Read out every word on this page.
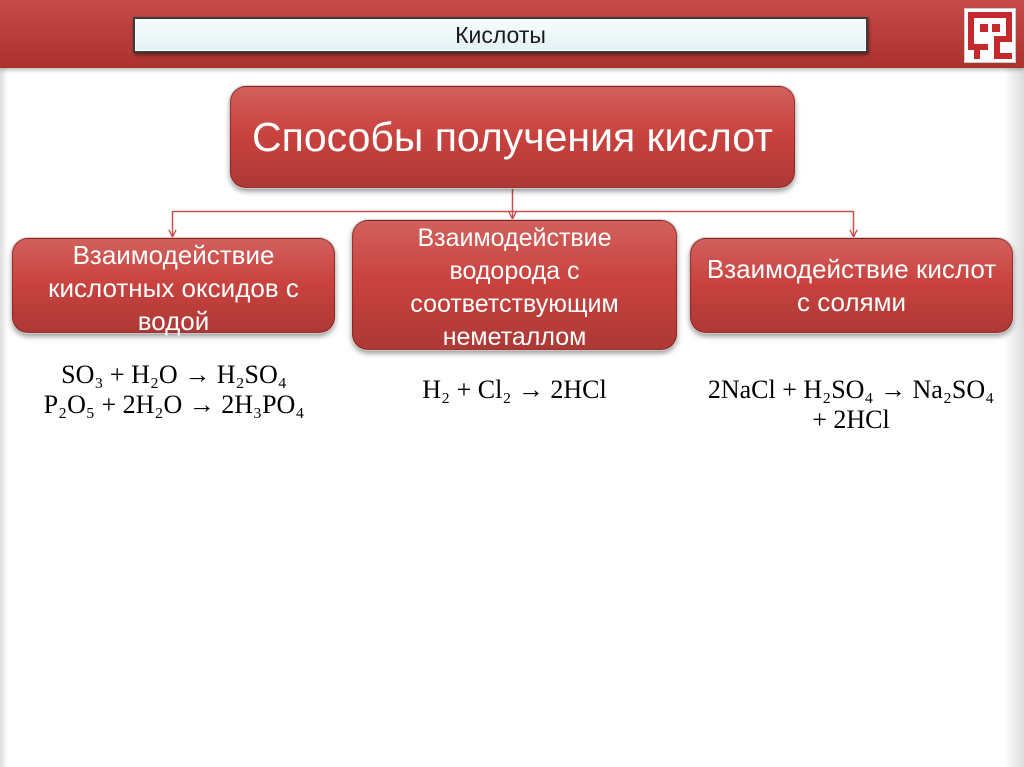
Кислоты
Способы получения кислот
Взаимодействие
кислотных оксидов с
водой
Взаимодействие
водорода с
соответствующим
неметаллом
Взаимодействие кислот
с солями
SO₃ + H₂O → H₂SO₄
P₂O₅ + 2H₂O → 2H₃PO₄
H₂ + Cl₂ → 2HCl	2NaCl + H₂SO₄ → Na₂SO₄
+ 2HCl
